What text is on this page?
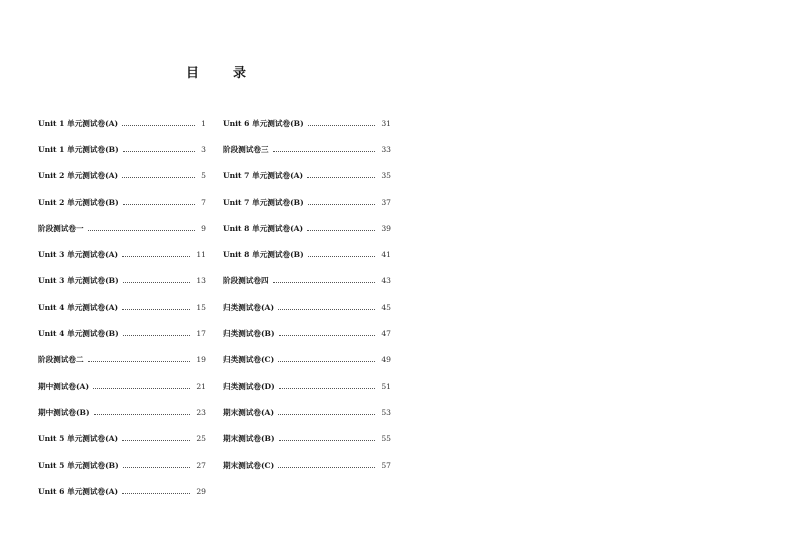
目	录
Unit 1 单元测试卷(A)	1
Unit 1 单元测试卷(B)	3
Unit 2 单元测试卷(A)	5
Unit 2 单元测试卷(B)	7
阶段测试卷一	9
Unit 3 单元测试卷(A)	11
Unit 3 单元测试卷(B)	13
Unit 4 单元测试卷(A)	15
Unit 4 单元测试卷(B)	17
阶段测试卷二	19
期中测试卷(A)	21
期中测试卷(B)	23
Unit 5 单元测试卷(A)	25
Unit 5 单元测试卷(B)	27
Unit 6 单元测试卷(A)	29
Unit 6 单元测试卷(B)	31
阶段测试卷三	33
Unit 7 单元测试卷(A)	35
Unit 7 单元测试卷(B)	37
Unit 8 单元测试卷(A)	39
Unit 8 单元测试卷(B)	41
阶段测试卷四	43
归类测试卷(A)	45
归类测试卷(B)	47
归类测试卷(C)	49
归类测试卷(D)	51
期末测试卷(A)	53
期末测试卷(B)	55
期末测试卷(C)	57
